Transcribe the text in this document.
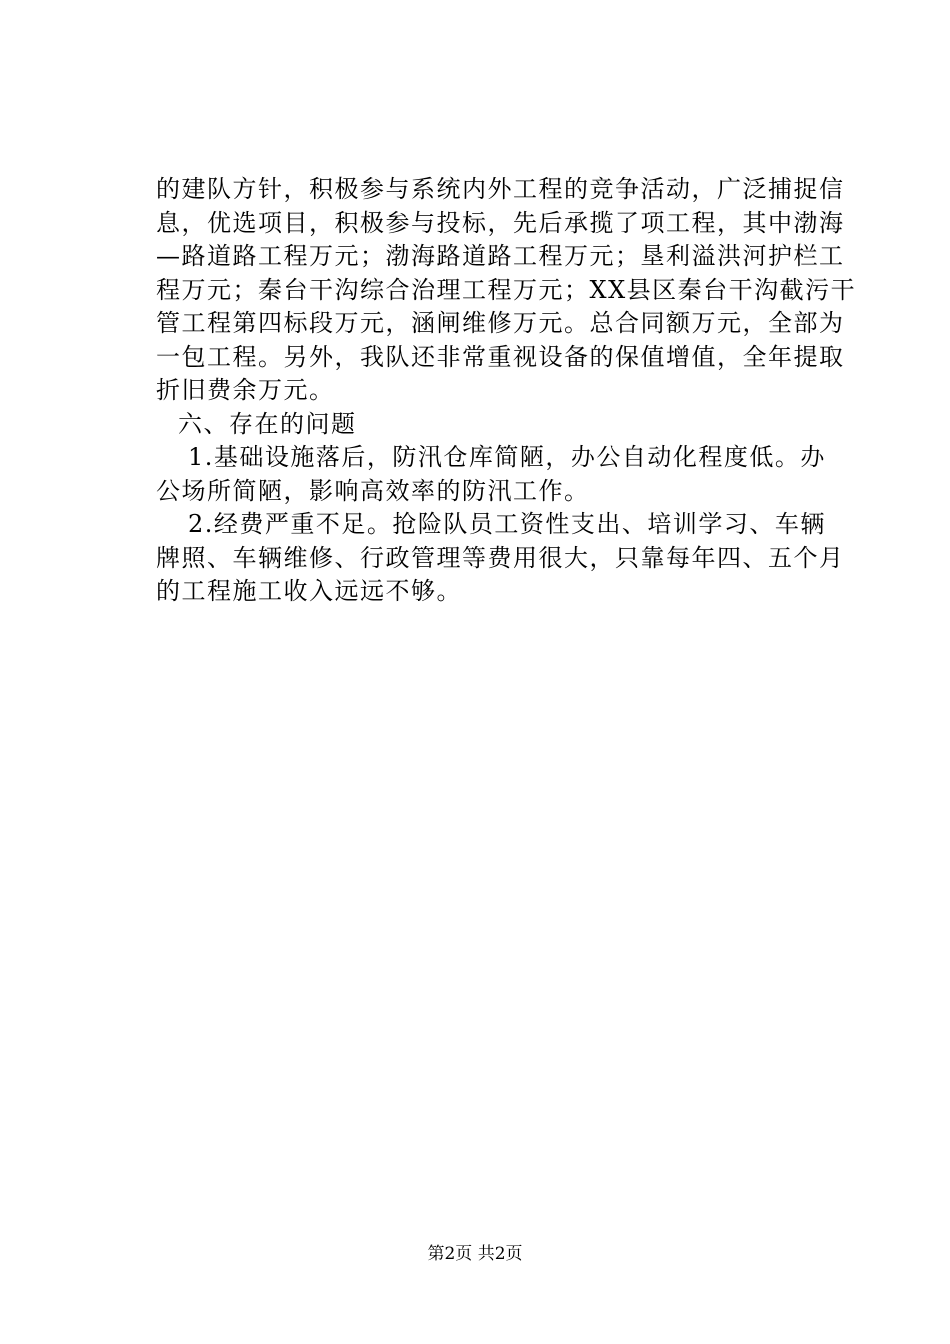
的建队方针，积极参与系统内外工程的竞争活动，广泛捕捉信
息，优选项目，积极参与投标，先后承揽了项工程，其中渤海
—路道路工程万元；渤海路道路工程万元；垦利溢洪河护栏工
程万元；秦台干沟综合治理工程万元；XX县区秦台干沟截污干
管工程第四标段万元，涵闸维修万元。总合同额万元，全部为
一包工程。另外，我队还非常重视设备的保值增值，全年提取
折旧费余万元。
六、存在的问题
1.基础设施落后，防汛仓库简陋，办公自动化程度低。办
公场所简陋，影响高效率的防汛工作。
2.经费严重不足。抢险队员工资性支出、培训学习、车辆
牌照、车辆维修、行政管理等费用很大，只靠每年四、五个月
的工程施工收入远远不够。
第2页 共2页
